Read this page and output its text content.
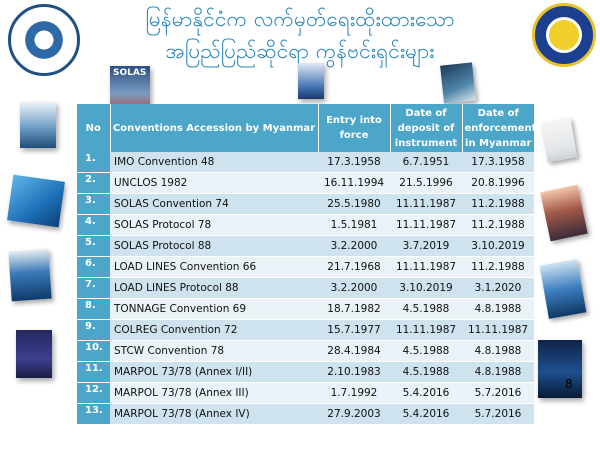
မြန်မာနိုင်ငံက လက်မှတ်ရေးထိုးထားသော
အပြည်ပြည်ဆိုင်ရာ ကွန်ဗင်းရှင်းများ
SOLAS
No	Conventions Accession by Myanmar	Entry into force	Date of deposit of instrument	Date of enforcement in Myanmar
1.	IMO Convention 48	17.3.1958	6.7.1951	17.3.1958
2.	UNCLOS 1982	16.11.1994	21.5.1996	20.8.1996
3.	SOLAS Convention 74	25.5.1980	11.11.1987	11.2.1988
4.	SOLAS Protocol 78	1.5.1981	11.11.1987	11.2.1988
5.	SOLAS Protocol 88	3.2.2000	3.7.2019	3.10.2019
6.	LOAD LINES Convention 66	21.7.1968	11.11.1987	11.2.1988
7.	LOAD LINES Protocol 88	3.2.2000	3.10.2019	3.1.2020
8.	TONNAGE Convention 69	18.7.1982	4.5.1988	4.8.1988
9.	COLREG Convention 72	15.7.1977	11.11.1987	11.11.1987
10.	STCW Convention 78	28.4.1984	4.5.1988	4.8.1988
11.	MARPOL 73/78 (Annex I/II)	2.10.1983	4.5.1988	4.8.1988
12.	MARPOL 73/78 (Annex III)	1.7.1992	5.4.2016	5.7.2016
13.	MARPOL 73/78 (Annex IV)	27.9.2003	5.4.2016	5.7.2016
8
